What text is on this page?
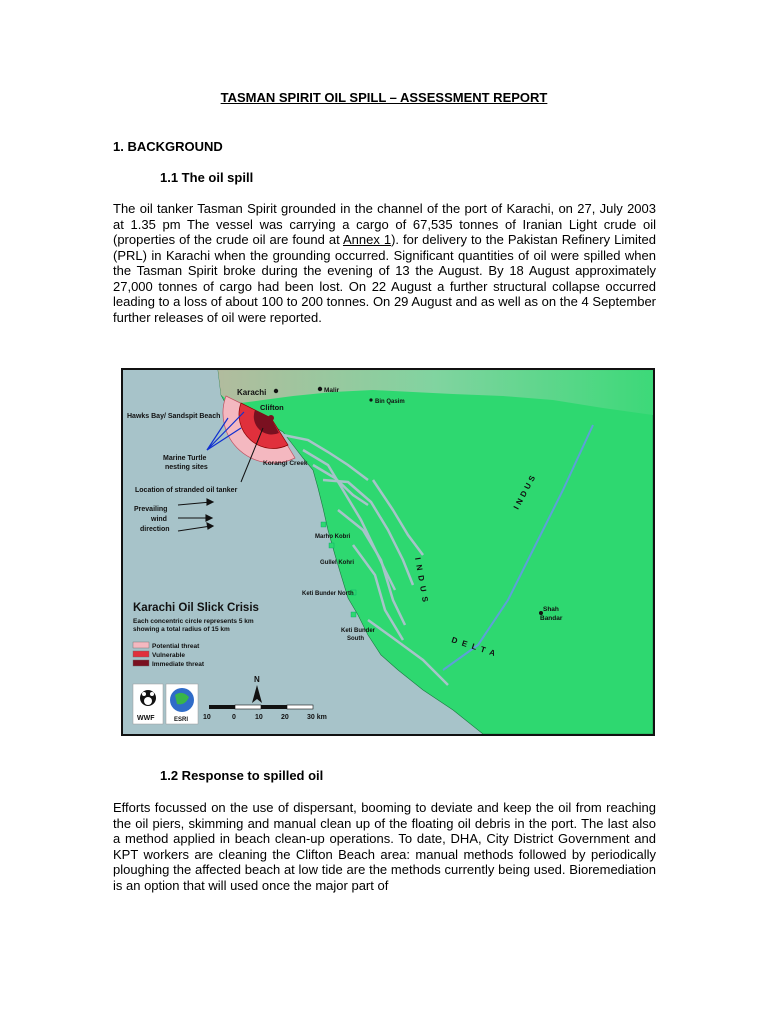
TASMAN SPIRIT OIL SPILL – ASSESSMENT REPORT
1. BACKGROUND
1.1 The oil spill
The oil tanker Tasman Spirit grounded in the channel of the port of Karachi, on 27, July 2003 at 1.35 pm The vessel was carrying a cargo of 67,535 tonnes of Iranian Light crude oil (properties of the crude oil are found at Annex 1). for delivery to the Pakistan Refinery Limited (PRL) in Karachi when the grounding occurred. Significant quantities of oil were spilled when the Tasman Spirit broke during the evening of 13 the August. By 18 August approximately 27,000 tonnes of cargo had been lost. On 22 August a further structural collapse occurred leading to a loss of about 100 to 200 tonnes. On 29 August and as well as on the 4 September further releases of oil were reported.
Karachi	Malir
Bin Qasim
Clifton
Hawks Bay/ Sandspit Beach
Korangi Creek
Marine Turtle
nesting sites
Location of stranded oil tanker
Prevailing
wind
direction
Marho Kobri
Gullel Kohri
Keti Bunder North
Keti Bunder
South
Shah
Bandar
INDUS
INDUS
DELTA
Karachi Oil Slick Crisis
Each concentric circle represents 5 km
showing a total radius of 15 km
Potential threat
Vulnerable
Immediate threat
WWF	ESRI
N
10	0	10	20	30 km
1.2 Response to spilled oil
Efforts focussed on the use of dispersant, booming to deviate and keep the oil from reaching the oil piers, skimming and manual clean up of the floating oil debris in the port. The last also a method applied in beach clean-up operations. To date, DHA, City District Government and KPT workers are cleaning the Clifton Beach area: manual methods followed by periodically ploughing the affected beach at low tide are the methods currently being used. Bioremediation is an option that will used once the major part of
